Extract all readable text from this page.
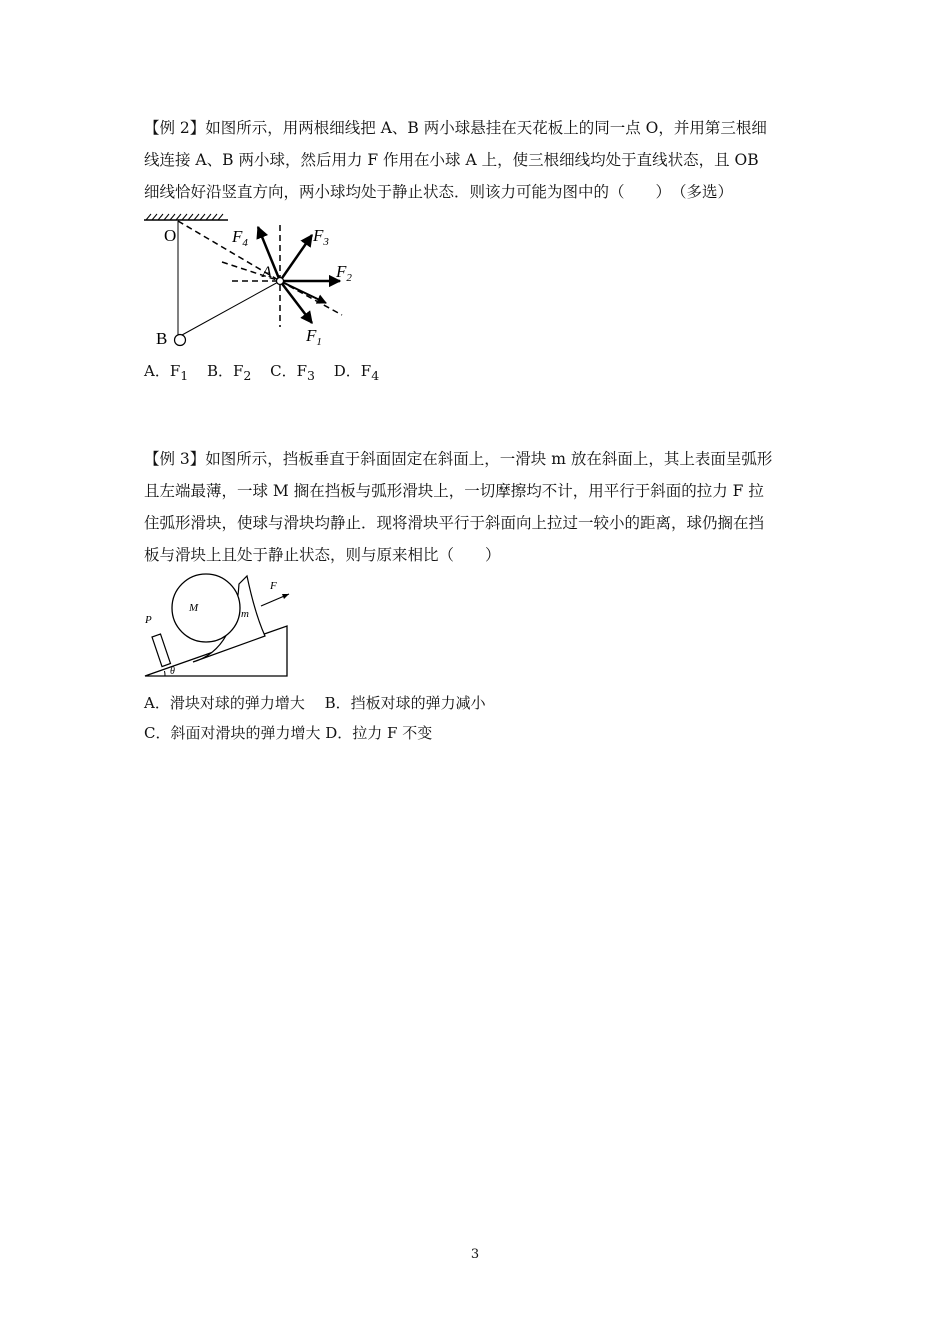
【例 2】如图所示，用两根细线把 A、B 两小球悬挂在天花板上的同一点 O，并用第三根细
线连接 A、B 两小球，然后用力 F 作用在小球 A 上，使三根细线均处于直线状态，且 OB
细线恰好沿竖直方向，两小球均处于静止状态．则该力可能为图中的（　　）　（多选）
O
A
B
$F_4$	$F_3$
$F_2$
$F_1$
A．$F_1$ B．$F_2$ C．$F_3$ D．$F_4$
【例 3】如图所示，挡板垂直于斜面固定在斜面上，一滑块 m 放在斜面上，其上表面呈弧形
且左端最薄，一球 M 搁在挡板与弧形滑块上，一切摩擦均不计，用平行于斜面的拉力 F 拉
住弧形滑块，使球与滑块均静止．现将滑块平行于斜面向上拉过一较小的距离，球仍搁在挡
板与滑块上且处于静止状态，则与原来相比（　　）
θ
P	m
M
F
A．滑块对球的弹力增大　 B．挡板对球的弹力减小
C．斜面对滑块的弹力增大 D．拉力 F 不变
3
